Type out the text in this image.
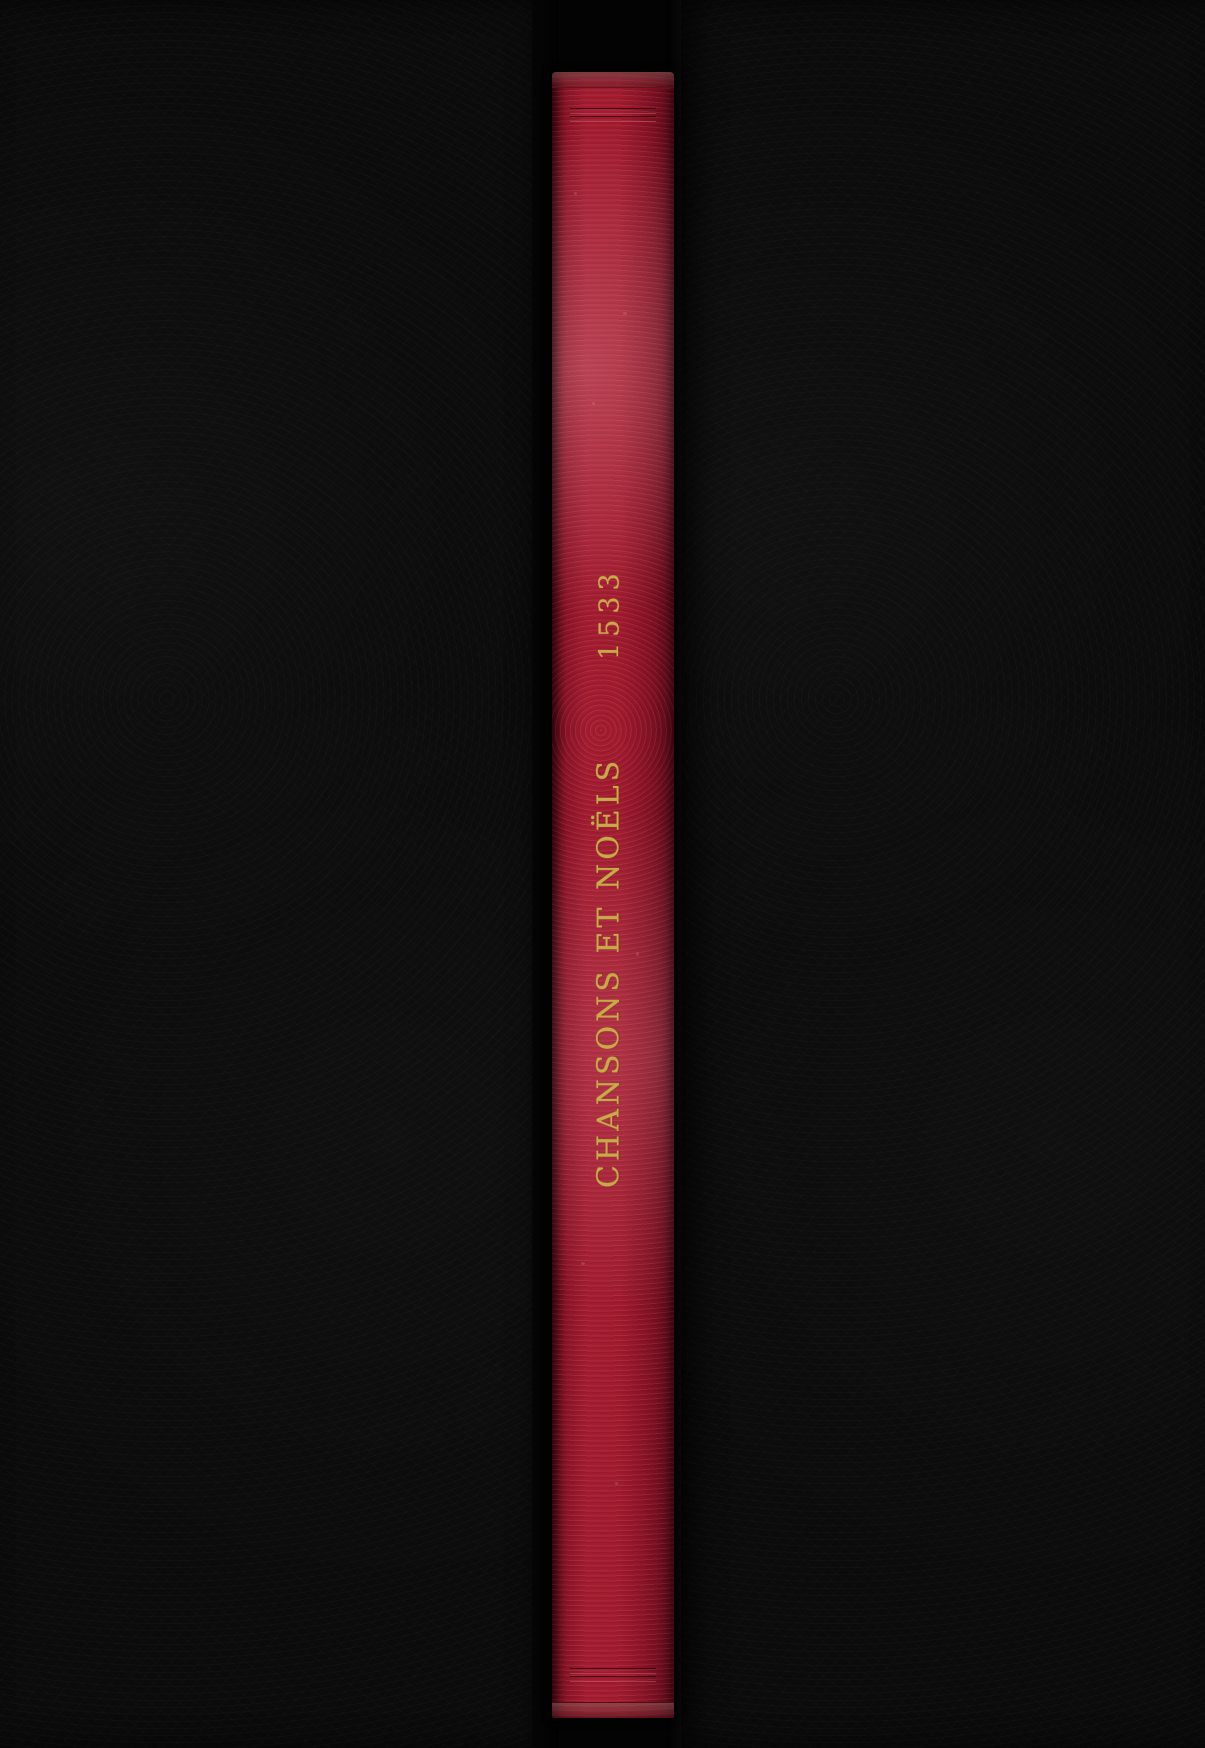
1533
CHANSONS ET NOËLS
